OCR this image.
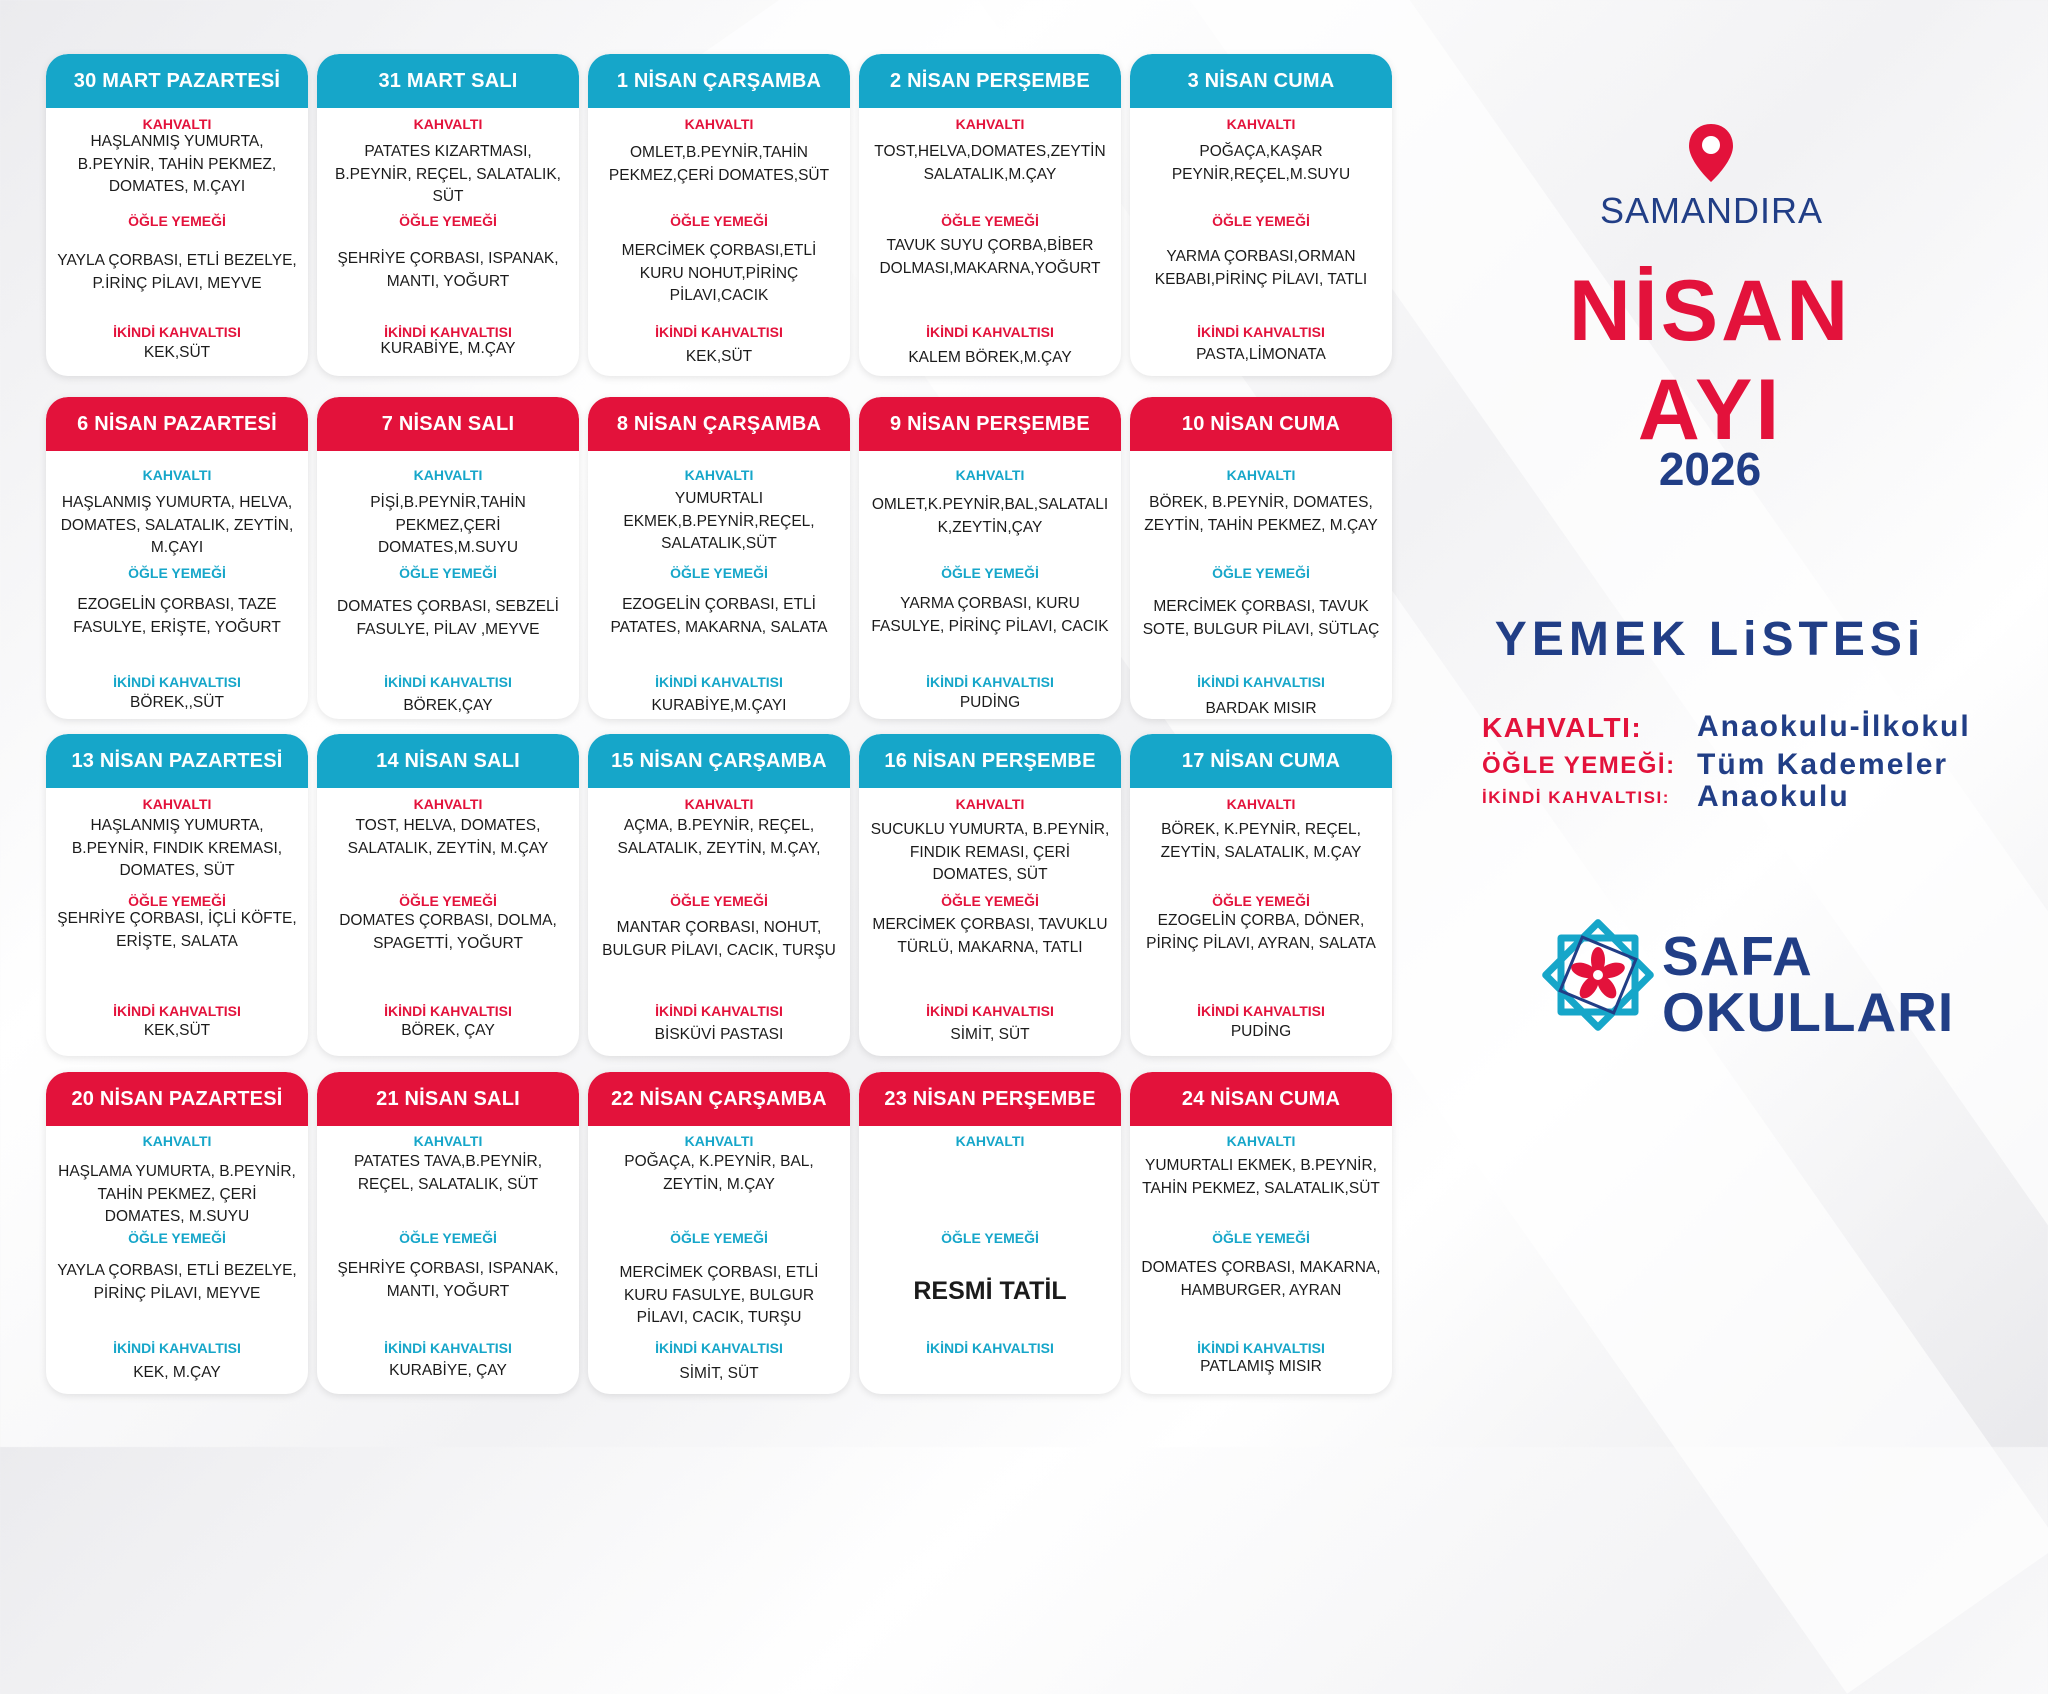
30 MART PAZARTESİ
KAHVALTI
HAŞLANMIŞ YUMURTA, B.PEYNİR, TAHİN PEKMEZ, DOMATES, M.ÇAYI
ÖĞLE YEMEĞİ
YAYLA ÇORBASI, ETLİ BEZELYE, P.İRİNÇ PİLAVI, MEYVE
İKİNDİ KAHVALTISI
KEK,SÜT
31 MART SALI
KAHVALTI
PATATES KIZARTMASI, B.PEYNİR, REÇEL, SALATALIK, SÜT
ÖĞLE YEMEĞİ
ŞEHRİYE ÇORBASI, ISPANAK, MANTI, YOĞURT
İKİNDİ KAHVALTISI
KURABİYE, M.ÇAY
1 NİSAN ÇARŞAMBA
KAHVALTI
OMLET,B.PEYNİR,TAHİN PEKMEZ,ÇERİ DOMATES,SÜT
ÖĞLE YEMEĞİ
MERCİMEK ÇORBASI,ETLİ KURU NOHUT,PİRİNÇ PİLAVI,CACIK
İKİNDİ KAHVALTISI
KEK,SÜT
2 NİSAN PERŞEMBE
KAHVALTI
TOST,HELVA,DOMATES,ZEYTİN SALATALIK,M.ÇAY
ÖĞLE YEMEĞİ
TAVUK SUYU ÇORBA,BİBER DOLMASI,MAKARNA,YOĞURT
İKİNDİ KAHVALTISI
KALEM BÖREK,M.ÇAY
3 NİSAN CUMA
KAHVALTI
POĞAÇA,KAŞAR PEYNİR,REÇEL,M.SUYU
ÖĞLE YEMEĞİ
YARMA ÇORBASI,ORMAN KEBABI,PİRİNÇ PİLAVI, TATLI
İKİNDİ KAHVALTISI
PASTA,LİMONATA
6 NİSAN PAZARTESİ
KAHVALTI
HAŞLANMIŞ YUMURTA, HELVA, DOMATES, SALATALIK, ZEYTİN, M.ÇAYI
ÖĞLE YEMEĞİ
EZOGELİN ÇORBASI, TAZE FASULYE, ERİŞTE, YOĞURT
İKİNDİ KAHVALTISI
BÖREK,,SÜT
7 NİSAN SALI
KAHVALTI
PİŞİ,B.PEYNİR,TAHİN PEKMEZ,ÇERİ DOMATES,M.SUYU
ÖĞLE YEMEĞİ
DOMATES ÇORBASI, SEBZELİ FASULYE, PİLAV ,MEYVE
İKİNDİ KAHVALTISI
BÖREK,ÇAY
8 NİSAN ÇARŞAMBA
KAHVALTI
YUMURTALI EKMEK,B.PEYNİR,REÇEL, SALATALIK,SÜT
ÖĞLE YEMEĞİ
EZOGELİN ÇORBASI, ETLİ PATATES, MAKARNA, SALATA
İKİNDİ KAHVALTISI
KURABİYE,M.ÇAYI
9 NİSAN PERŞEMBE
KAHVALTI
OMLET,K.PEYNİR,BAL,SALATALI K,ZEYTİN,ÇAY
ÖĞLE YEMEĞİ
YARMA ÇORBASI, KURU FASULYE, PİRİNÇ PİLAVI, CACIK
İKİNDİ KAHVALTISI
PUDİNG
10 NİSAN CUMA
KAHVALTI
BÖREK, B.PEYNİR, DOMATES, ZEYTİN, TAHİN PEKMEZ, M.ÇAY
ÖĞLE YEMEĞİ
MERCİMEK ÇORBASI, TAVUK SOTE, BULGUR PİLAVI, SÜTLAÇ
İKİNDİ KAHVALTISI
BARDAK MISIR
13 NİSAN PAZARTESİ
KAHVALTI
HAŞLANMIŞ YUMURTA, B.PEYNİR, FINDIK KREMASI, DOMATES, SÜT
ÖĞLE YEMEĞİ
ŞEHRİYE ÇORBASI, İÇLİ KÖFTE, ERİŞTE, SALATA
İKİNDİ KAHVALTISI
KEK,SÜT
14 NİSAN SALI
KAHVALTI
TOST, HELVA, DOMATES, SALATALIK, ZEYTİN, M.ÇAY
ÖĞLE YEMEĞİ
DOMATES ÇORBASI, DOLMA, SPAGETTİ, YOĞURT
İKİNDİ KAHVALTISI
BÖREK, ÇAY
15 NİSAN ÇARŞAMBA
KAHVALTI
AÇMA, B.PEYNİR, REÇEL, SALATALIK, ZEYTİN, M.ÇAY,
ÖĞLE YEMEĞİ
MANTAR ÇORBASI, NOHUT, BULGUR PİLAVI, CACIK, TURŞU
İKİNDİ KAHVALTISI
BİSKÜVİ PASTASI
16 NİSAN PERŞEMBE
KAHVALTI
SUCUKLU YUMURTA, B.PEYNİR, FINDIK REMASI, ÇERİ DOMATES, SÜT
ÖĞLE YEMEĞİ
MERCİMEK ÇORBASI, TAVUKLU TÜRLÜ, MAKARNA, TATLI
İKİNDİ KAHVALTISI
SİMİT, SÜT
17 NİSAN CUMA
KAHVALTI
BÖREK, K.PEYNİR, REÇEL, ZEYTİN, SALATALIK, M.ÇAY
ÖĞLE YEMEĞİ
EZOGELİN ÇORBA, DÖNER, PİRİNÇ PİLAVI, AYRAN, SALATA
İKİNDİ KAHVALTISI
PUDİNG
20 NİSAN PAZARTESİ
KAHVALTI
HAŞLAMA YUMURTA, B.PEYNİR, TAHİN PEKMEZ, ÇERİ DOMATES, M.SUYU
ÖĞLE YEMEĞİ
YAYLA ÇORBASI, ETLİ BEZELYE, PİRİNÇ PİLAVI, MEYVE
İKİNDİ KAHVALTISI
KEK, M.ÇAY
21 NİSAN SALI
KAHVALTI
PATATES TAVA,B.PEYNİR, REÇEL, SALATALIK, SÜT
ÖĞLE YEMEĞİ
ŞEHRİYE ÇORBASI, ISPANAK, MANTI, YOĞURT
İKİNDİ KAHVALTISI
KURABİYE, ÇAY
22 NİSAN ÇARŞAMBA
KAHVALTI
POĞAÇA, K.PEYNİR, BAL, ZEYTİN, M.ÇAY
ÖĞLE YEMEĞİ
MERCİMEK ÇORBASI, ETLİ KURU FASULYE, BULGUR PİLAVI, CACIK, TURŞU
İKİNDİ KAHVALTISI
SİMİT, SÜT
23 NİSAN PERŞEMBE
KAHVALTI
ÖĞLE YEMEĞİ
RESMİ TATİL
İKİNDİ KAHVALTISI
24 NİSAN CUMA
KAHVALTI
YUMURTALI EKMEK, B.PEYNİR, TAHİN PEKMEZ, SALATALIK,SÜT
ÖĞLE YEMEĞİ
DOMATES ÇORBASI, MAKARNA, HAMBURGER, AYRAN
İKİNDİ KAHVALTISI
PATLAMIŞ MISIR
SAMANDIRA
NİSAN AYI
2026
YEMEK LiSTESi
KAHVALTI: Anaokulu-İlkokul
ÖĞLE YEMEĞİ: Tüm Kademeler
İKİNDİ KAHVALTISI: Anaokulu
SAFA
OKULLARI
